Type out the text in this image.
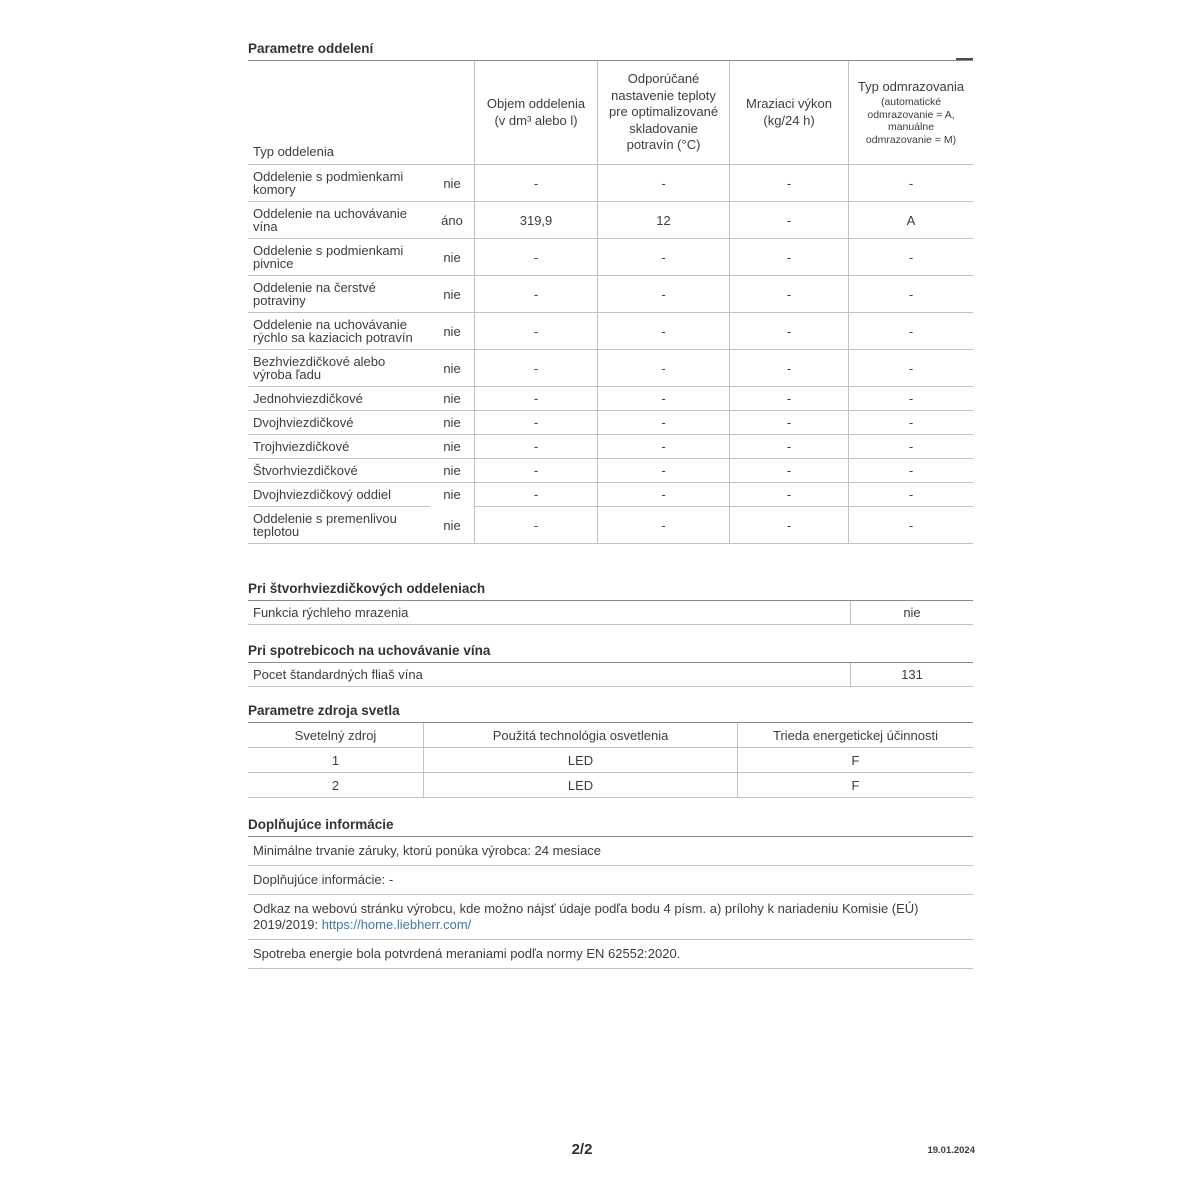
Parametre oddelení
Typ oddelenia		Objem oddelenia (v dm³ alebo l)	Odporúčané nastavenie teploty pre optimalizované skladovanie potravín (°C)	Mraziaci výkon (kg/24 h)	Typ odmrazovania
(automatické odmrazovanie = A, manuálne odmrazovanie = M)

Oddelenie s podmienkami komory	nie	-	-	-	-
Oddelenie na uchovávanie vína	áno	319,9	12	-	A
Oddelenie s podmienkami pivnice	nie	-	-	-	-
Oddelenie na čerstvé potraviny	nie	-	-	-	-
Oddelenie na uchovávanie rýchlo sa kaziacich potravín	nie	-	-	-	-
Bezhviezdičkové alebo výroba ľadu	nie	-	-	-	-
Jednohviezdičkové	nie	-	-	-	-
Dvojhviezdičkové	nie	-	-	-	-
Trojhviezdičkové	nie	-	-	-	-
Štvorhviezdičkové	nie	-	-	-	-
Dvojhviezdičkový oddiel	nie	-	-	-	-
Oddelenie s premenlivou teplotou	nie	-	-	-	-
Pri štvorhviezdičkových oddeleniach
Funkcia rýchleho mrazenia	nie
Pri spotrebicoch na uchovávanie vína
Pocet štandardných fliaš vína	131
Parametre zdroja svetla
Svetelný zdroj	Použitá technológia osvetlenia	Trieda energetickej účinnosti
1	LED	F
2	LED	F
Doplňujúce informácie
Minimálne trvanie záruky, ktorú ponúka výrobca: 24 mesiace
Doplňujúce informácie: -
Odkaz na webovú stránku výrobcu, kde možno nájsť údaje podľa bodu 4 písm. a) prílohy k nariadeniu Komisie (EÚ) 2019/2019: https://home.liebherr.com/
Spotreba energie bola potvrdená meraniami podľa normy EN 62552:2020.
2/2	19.01.2024
